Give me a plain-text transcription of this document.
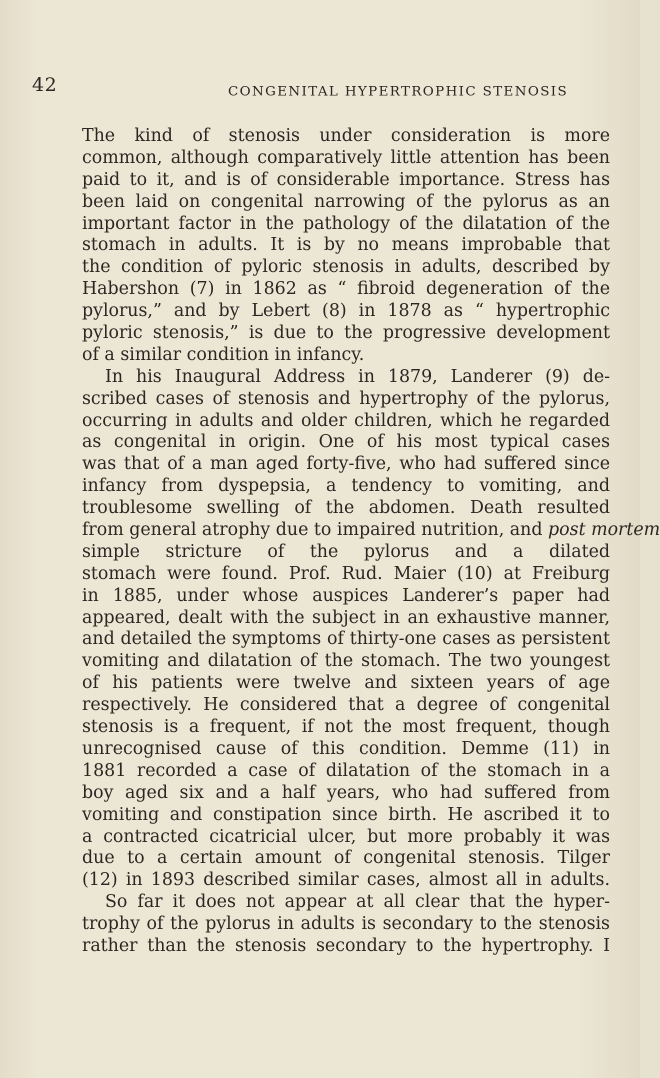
42	CONGENITAL HYPERTROPHIC STENOSIS
The kind of stenosis under consideration is more
common, although comparatively little attention has been
paid to it, and is of considerable importance. Stress has
been laid on congenital narrowing of the pylorus as an
important factor in the pathology of the dilatation of the
stomach in adults. It is by no means improbable that
the condition of pyloric stenosis in adults, described by
Habershon (7) in 1862 as “ fibroid degeneration of the
pylorus,” and by Lebert (8) in 1878 as “ hypertrophic
pyloric stenosis,” is due to the progressive development
of a similar condition in infancy.
In his Inaugural Address in 1879, Landerer (9) de-
scribed cases of stenosis and hypertrophy of the pylorus,
occurring in adults and older children, which he regarded
as congenital in origin. One of his most typical cases
was that of a man aged forty-five, who had suffered since
infancy from dyspepsia, a tendency to vomiting, and
troublesome swelling of the abdomen. Death resulted
from general atrophy due to impaired nutrition, and post mortem
simple stricture of the pylorus and a dilated
stomach were found. Prof. Rud. Maier (10) at Freiburg
in 1885, under whose auspices Landerer’s paper had
appeared, dealt with the subject in an exhaustive manner,
and detailed the symptoms of thirty-one cases as persistent
vomiting and dilatation of the stomach. The two youngest
of his patients were twelve and sixteen years of age
respectively. He considered that a degree of congenital
stenosis is a frequent, if not the most frequent, though
unrecognised cause of this condition. Demme (11) in
1881 recorded a case of dilatation of the stomach in a
boy aged six and a half years, who had suffered from
vomiting and constipation since birth. He ascribed it to
a contracted cicatricial ulcer, but more probably it was
due to a certain amount of congenital stenosis. Tilger
(12) in 1893 described similar cases, almost all in adults.
So far it does not appear at all clear that the hyper-
trophy of the pylorus in adults is secondary to the stenosis
rather than the stenosis secondary to the hypertrophy. I
